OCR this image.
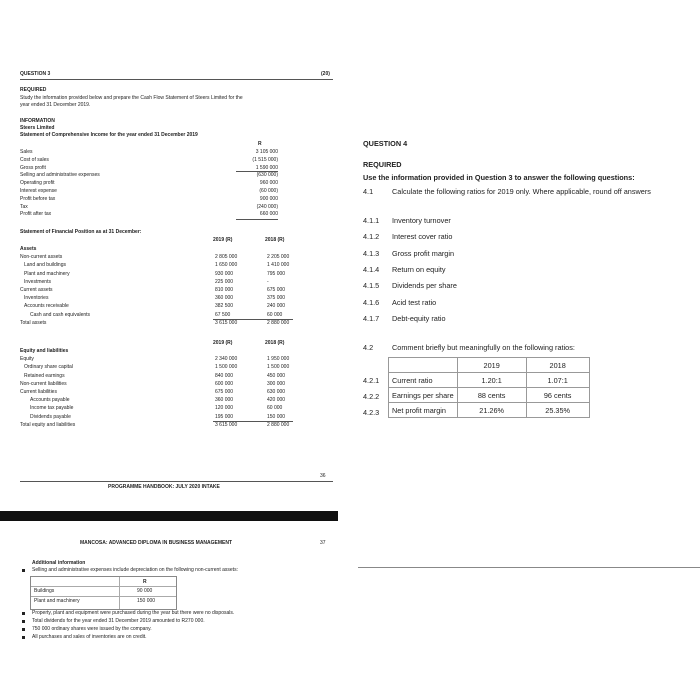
QUESTION 3	(20)
REQUIRED
Study the information provided below and prepare the Cash Flow Statement of Steers Limited for the
year ended 31 December 2019.
INFORMATION
Steers Limited
Statement of Comprehensive Income for the year ended 31 December 2019
R
Sales	3 105 000
Cost of sales	(1 515 000)
Gross profit	1 590 000
Selling and administrative expenses	(630 000)
Operating profit	960 000
Interest expense	(60 000)
Profit before tax	900 000
Tax	(240 000)
Profit after tax	660 000
Statement of Financial Position as at 31 December:
2019 (R)	2018 (R)
Assets
Non-current assets	2 805 000	2 205 000
Land and buildings	1 650 000	1 410 000
Plant and machinery	930 000	795 000
Investments	225 000	-
Current assets	810 000	675 000
Inventories	360 000	375 000
Accounts receivable	382 500	240 000
Cash and cash equivalents	67 500	60 000
Total assets	3 615 000	2 880 000
2019 (R)	2018 (R)
Equity and liabilities
Equity	2 340 000	1 950 000
Ordinary share capital	1 500 000	1 500 000
Retained earnings	840 000	450 000
Non-current liabilities	600 000	300 000
Current liabilities	675 000	630 000
Accounts payable	360 000	420 000
Income tax payable	120 000	60 000
Dividends payable	195 000	150 000
Total equity and liabilities	3 615 000	2 880 000
36
PROGRAMME HANDBOOK: JULY 2020 INTAKE
MANCOSA: ADVANCED DIPLOMA IN BUSINESS MANAGEMENT	37
Additional information
Selling and administrative expenses include depreciation on the following non-current assets:
R
Buildings	90 000
Plant and machinery	150 000
Property, plant and equipment were purchased during the year but there were no disposals.
Total dividends for the year ended 31 December 2019 amounted to R270 000.
750 000 ordinary shares were issued by the company.
All purchases and sales of inventories are on credit.
QUESTION 4
REQUIRED
Use the information provided in Question 3 to answer the following questions:
4.1	Calculate the following ratios for 2019 only. Where applicable, round off answers
4.1.1 Inventory turnover
4.1.2 Interest cover ratio
4.1.3 Gross profit margin
4.1.4 Return on equity
4.1.5 Dividends per share
4.1.6 Acid test ratio
4.1.7 Debt-equity ratio
4.2	Comment briefly but meaningfully on the following ratios:
	2019	2018
Current ratio	1.20:1	1.07:1
Earnings per share	88 cents	96 cents
Net profit margin	21.26%	25.35%
4.2.1
4.2.2
4.2.3
